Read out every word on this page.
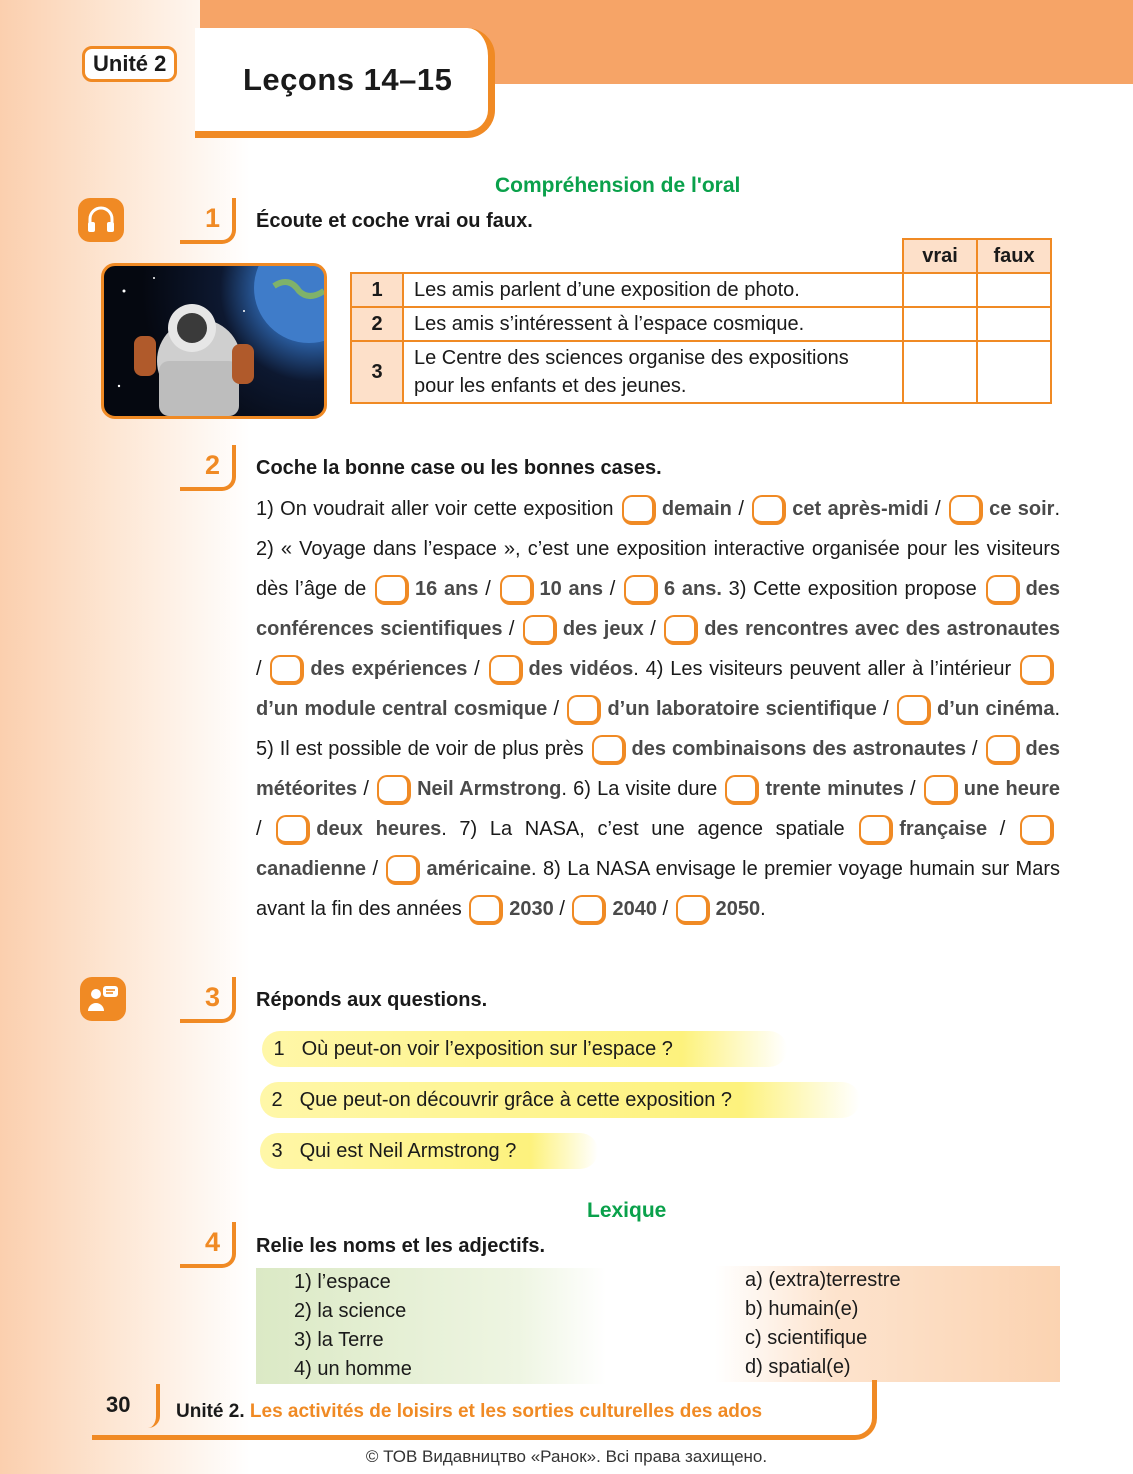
Leçons 14–15
Unité 2
Compréhension de l'oral
1	Écoute et coche vrai ou faux.
		vrai	faux
1	Les amis parlent d’une exposition de photo.		
2	Les amis s’intéressent à l’espace cosmique.		
3	Le Centre des sciences organise des expositions pour les enfants et des jeunes.		
2	Coche la bonne case ou les bonnes cases.
1) On voudrait aller voir cette exposition demain / cet après-midi / ce soir. 2) « Voyage dans l’espace », c’est une exposition interactive organisée pour les visiteurs dès l’âge de 16 ans / 10 ans / 6 ans. 3) Cette exposition propose des conférences scientifiques / des jeux / des rencontres avec des astronautes / des expériences / des vidéos. 4) Les visiteurs peuvent aller à l’intérieur d’un module central cosmique / d’un laboratoire scientifique / d’un cinéma. 5) Il est possible de voir de plus près des combinaisons des astronautes / des météorites / Neil Armstrong. 6) La visite dure trente minutes / une heure /	deux heures. 7) La NASA, c’est une agence spatiale	française / canadienne / américaine. 8) La NASA envisage le premier voyage humain sur Mars avant la fin des années 2030 / 2040 / 2050.
3	Réponds aux questions.
1 Où peut-on voir l’exposition sur l’espace ?
2 Que peut-on découvrir grâce à cette exposition ?
3 Qui est Neil Armstrong ?
Lexique
4	Relie les noms et les adjectifs.
1) l’espace
2) la science
3) la Terre
4) un homme
a) (extra)terrestre
b) humain(e)
c) scientifique
d) spatial(e)
30 Unité 2. Les activités de loisirs et les sorties culturelles des ados
© ТОВ Видавництво «Ранок». Всі права захищено.
